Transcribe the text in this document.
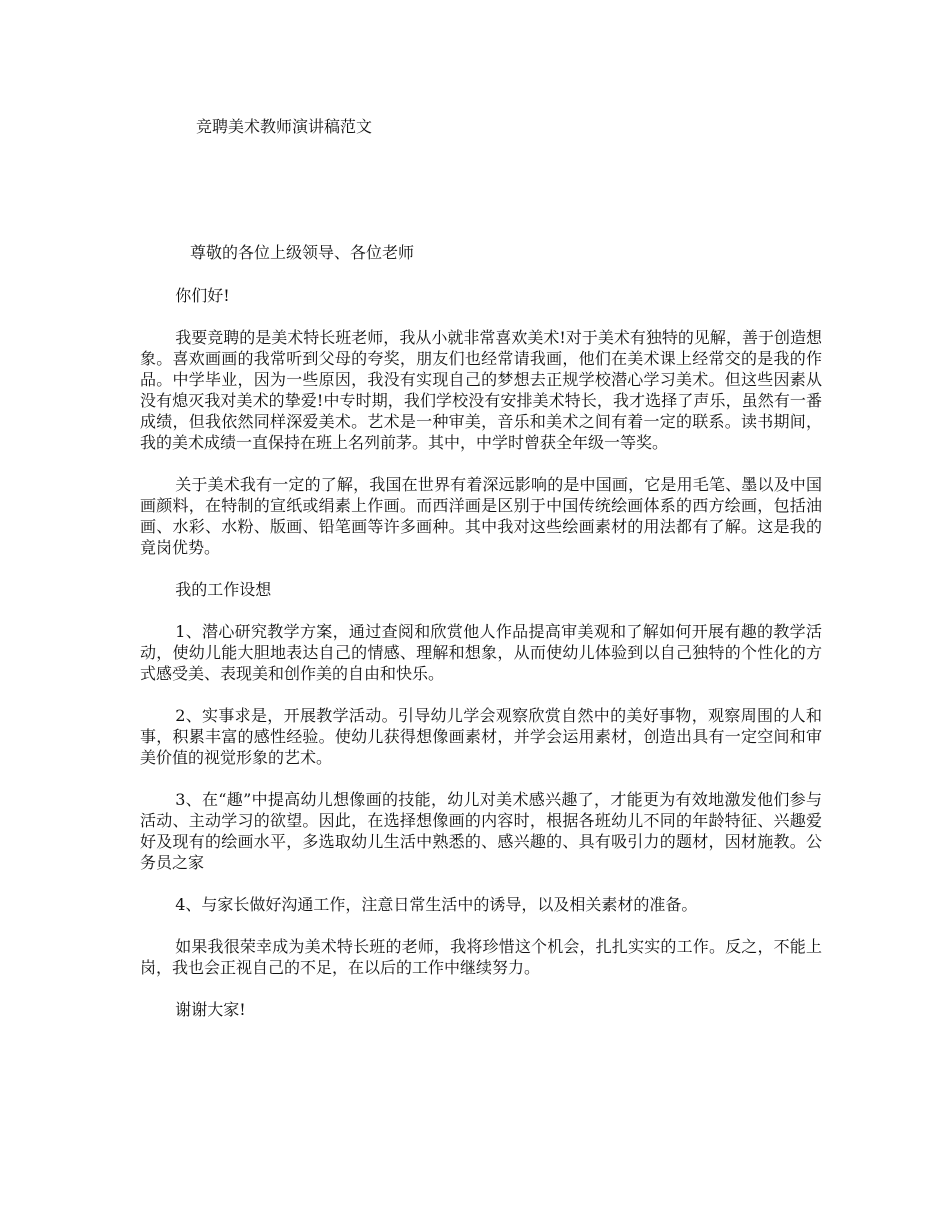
竞聘美术教师演讲稿范文

尊敬的各位上级领导、各位老师

你们好!

我要竞聘的是美术特长班老师，我从小就非常喜欢美术!对于美术有独特的见解，善于创造想象。喜欢画画的我常听到父母的夸奖，朋友们也经常请我画，他们在美术课上经常交的是我的作品。中学毕业，因为一些原因，我没有实现自己的梦想去正规学校潜心学习美术。但这些因素从没有熄灭我对美术的挚爱!中专时期，我们学校没有安排美术特长，我才选择了声乐，虽然有一番成绩，但我依然同样深爱美术。艺术是一种审美，音乐和美术之间有着一定的联系。读书期间，我的美术成绩一直保持在班上名列前茅。其中，中学时曾获全年级一等奖。

关于美术我有一定的了解，我国在世界有着深远影响的是中国画，它是用毛笔、墨以及中国画颜料，在特制的宣纸或绢素上作画。而西洋画是区别于中国传统绘画体系的西方绘画，包括油画、水彩、水粉、版画、铅笔画等许多画种。其中我对这些绘画素材的用法都有了解。这是我的竟岗优势。

我的工作设想

1、潜心研究教学方案，通过查阅和欣赏他人作品提高审美观和了解如何开展有趣的教学活动，使幼儿能大胆地表达自己的情感、理解和想象，从而使幼儿体验到以自己独特的个性化的方式感受美、表现美和创作美的自由和快乐。

2、实事求是，开展教学活动。引导幼儿学会观察欣赏自然中的美好事物，观察周围的人和事，积累丰富的感性经验。使幼儿获得想像画素材，并学会运用素材，创造出具有一定空间和审美价值的视觉形象的艺术。

3、在“趣”中提高幼儿想像画的技能，幼儿对美术感兴趣了，才能更为有效地激发他们参与活动、主动学习的欲望。因此，在选择想像画的内容时，根据各班幼儿不同的年龄特征、兴趣爱好及现有的绘画水平，多选取幼儿生活中熟悉的、感兴趣的、具有吸引力的题材，因材施教。公务员之家

4、与家长做好沟通工作，注意日常生活中的诱导，以及相关素材的准备。

如果我很荣幸成为美术特长班的老师，我将珍惜这个机会，扎扎实实的工作。反之，不能上岗，我也会正视自己的不足，在以后的工作中继续努力。

谢谢大家!
